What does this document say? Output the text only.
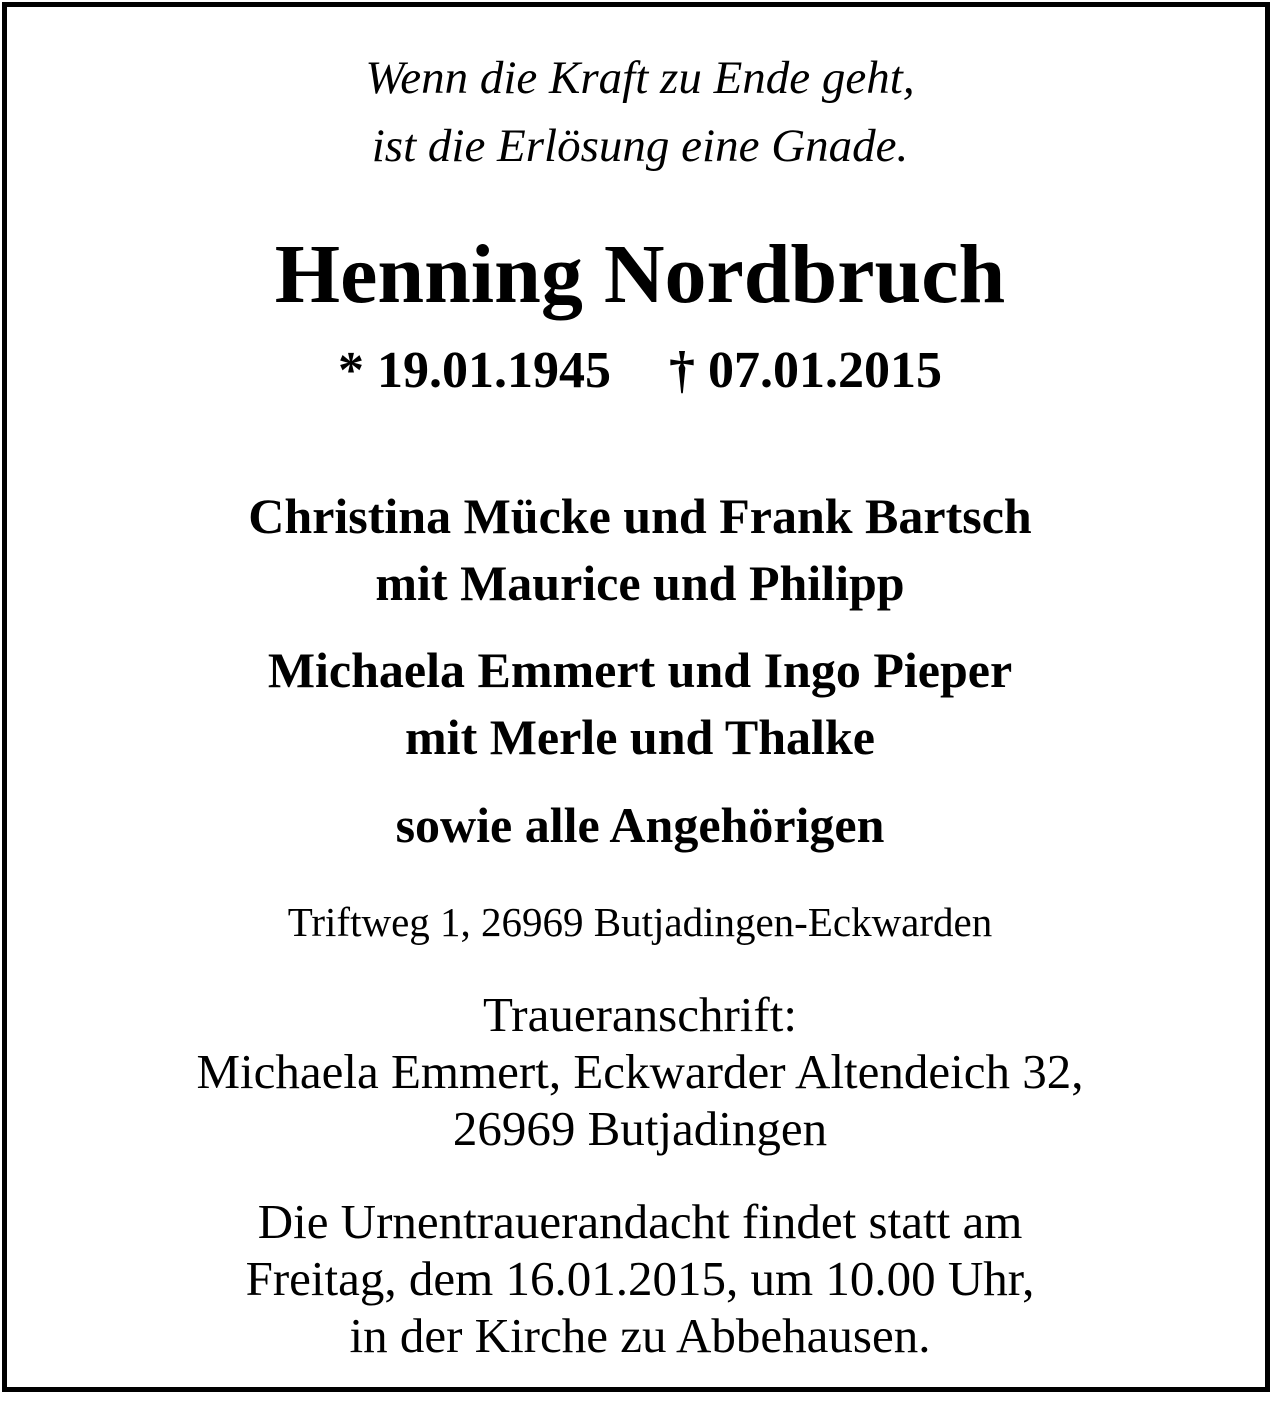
Wenn die Kraft zu Ende geht,
ist die Erlösung eine Gnade.
Henning Nordbruch
* 19.01.1945 † 07.01.2015
Christina Mücke und Frank Bartsch
mit Maurice und Philipp
Michaela Emmert und Ingo Pieper
mit Merle und Thalke
sowie alle Angehörigen
Triftweg 1, 26969 Butjadingen-Eckwarden
Traueranschrift:
Michaela Emmert, Eckwarder Altendeich 32,
26969 Butjadingen
Die Urnentrauerandacht findet statt am
Freitag, dem 16.01.2015, um 10.00 Uhr,
in der Kirche zu Abbehausen.
